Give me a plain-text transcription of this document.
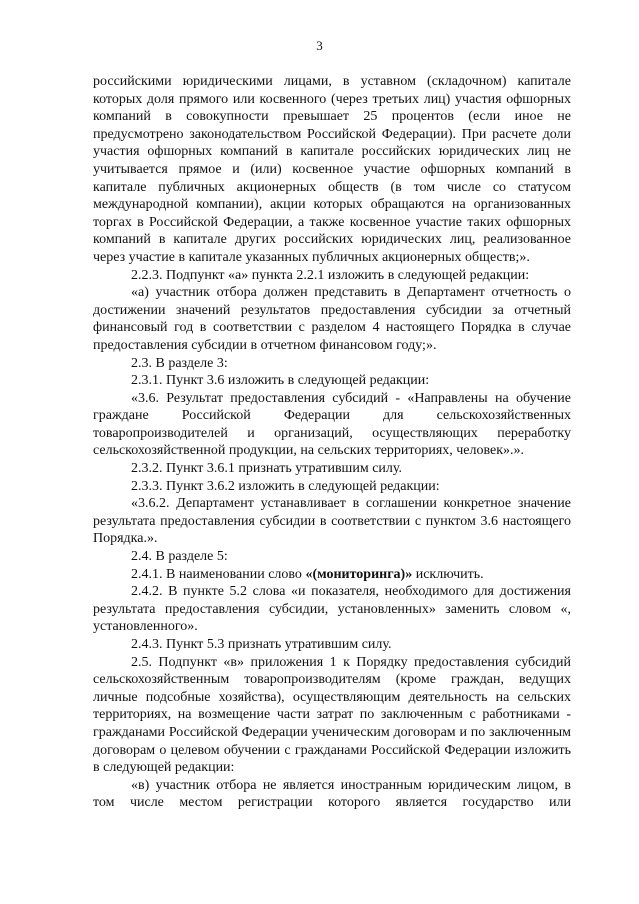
3

российскими юридическими лицами, в уставном (складочном) капитале которых доля прямого или косвенного (через третьих лиц) участия офшорных компаний в совокупности превышает 25 процентов (если иное не предусмотрено законодательством Российской Федерации). При расчете доли участия офшорных компаний в капитале российских юридических лиц не учитывается прямое и (или) косвенное участие офшорных компаний в капитале публичных акционерных обществ (в том числе со статусом международной компании), акции которых обращаются на организованных торгах в Российской Федерации, а также косвенное участие таких офшорных компаний в капитале других российских юридических лиц, реализованное через участие в капитале указанных публичных акционерных обществ;».

2.2.3. Подпункт «а» пункта 2.2.1 изложить в следующей редакции:

«а) участник отбора должен представить в Департамент отчетность о достижении значений результатов предоставления субсидии за отчетный финансовый год в соответствии с разделом 4 настоящего Порядка в случае предоставления субсидии в отчетном финансовом году;».

2.3. В разделе 3:

2.3.1. Пункт 3.6 изложить в следующей редакции:

«3.6. Результат предоставления субсидий - «Направлены на обучение граждане Российской Федерации для сельскохозяйственных товаропроизводителей и организаций, осуществляющих переработку сельскохозяйственной продукции, на сельских территориях, человек».».

2.3.2. Пункт 3.6.1 признать утратившим силу.

2.3.3. Пункт 3.6.2 изложить в следующей редакции:

«3.6.2. Департамент устанавливает в соглашении конкретное значение результата предоставления субсидии в соответствии с пунктом 3.6 настоящего Порядка.».

2.4. В разделе 5:

2.4.1. В наименовании слово «(мониторинга)» исключить.

2.4.2. В пункте 5.2 слова «и показателя, необходимого для достижения результата предоставления субсидии, установленных» заменить словом «, установленного».

2.4.3. Пункт 5.3 признать утратившим силу.

2.5. Подпункт «в» приложения 1 к Порядку предоставления субсидий сельскохозяйственным товаропроизводителям (кроме граждан, ведущих личные подсобные хозяйства), осуществляющим деятельность на сельских территориях, на возмещение части затрат по заключенным с работниками - гражданами Российской Федерации ученическим договорам и по заключенным договорам о целевом обучении с гражданами Российской Федерации изложить в следующей редакции:

«в) участник отбора не является иностранным юридическим лицом, в том числе местом регистрации которого является государство или
